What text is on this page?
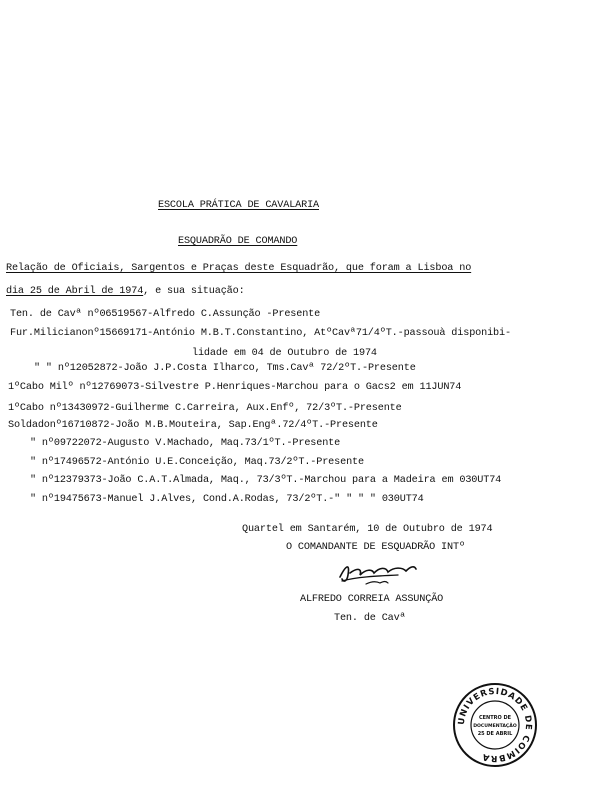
ESCOLA PRÁTICA DE CAVALARIA
ESQUADRÃO DE COMANDO
Relação de Oficiais, Sargentos e Praças deste Esquadrão, que foram a Lisboa no
dia 25 de Abril de 1974, e sua situação:
Ten. de Cavª nº06519567-Alfredo C.Assunção -Presente
Fur.Milicianonº15669171-António M.B.T.Constantino, AtºCavª71/4ºT.-passouà disponibi-
lidade em 04 de Outubro de 1974
" " nº12052872-João J.P.Costa Ilharco, Tms.Cavª 72/2ºT.-Presente
1ºCabo Milº nº12769073-Silvestre P.Henriques-Marchou para o Gacs2 em 11JUN74
1ºCabo nº13430972-Guilherme C.Carreira, Aux.Enfº, 72/3ºT.-Presente
Soldadonº16710872-João M.B.Mouteira, Sap.Engª.72/4ºT.-Presente
" nº09722072-Augusto V.Machado, Maq.73/1ºT.-Presente
" nº17496572-António U.E.Conceição, Maq.73/2ºT.-Presente
" nº12379373-João C.A.T.Almada, Maq., 73/3ºT.-Marchou para a Madeira em 030UT74
" nº19475673-Manuel J.Alves, Cond.A.Rodas, 73/2ºT.-" " " " 030UT74
Quartel em Santarém, 10 de Outubro de 1974
O COMANDANTE DE ESQUADRÃO INTº
ALFREDO CORREIA ASSUNÇÃO
Ten. de Cavª
UNIVERSIDADE DE COIMBRA
CENTRO DE
DOCUMENTAÇÃO
25 DE ABRIL
